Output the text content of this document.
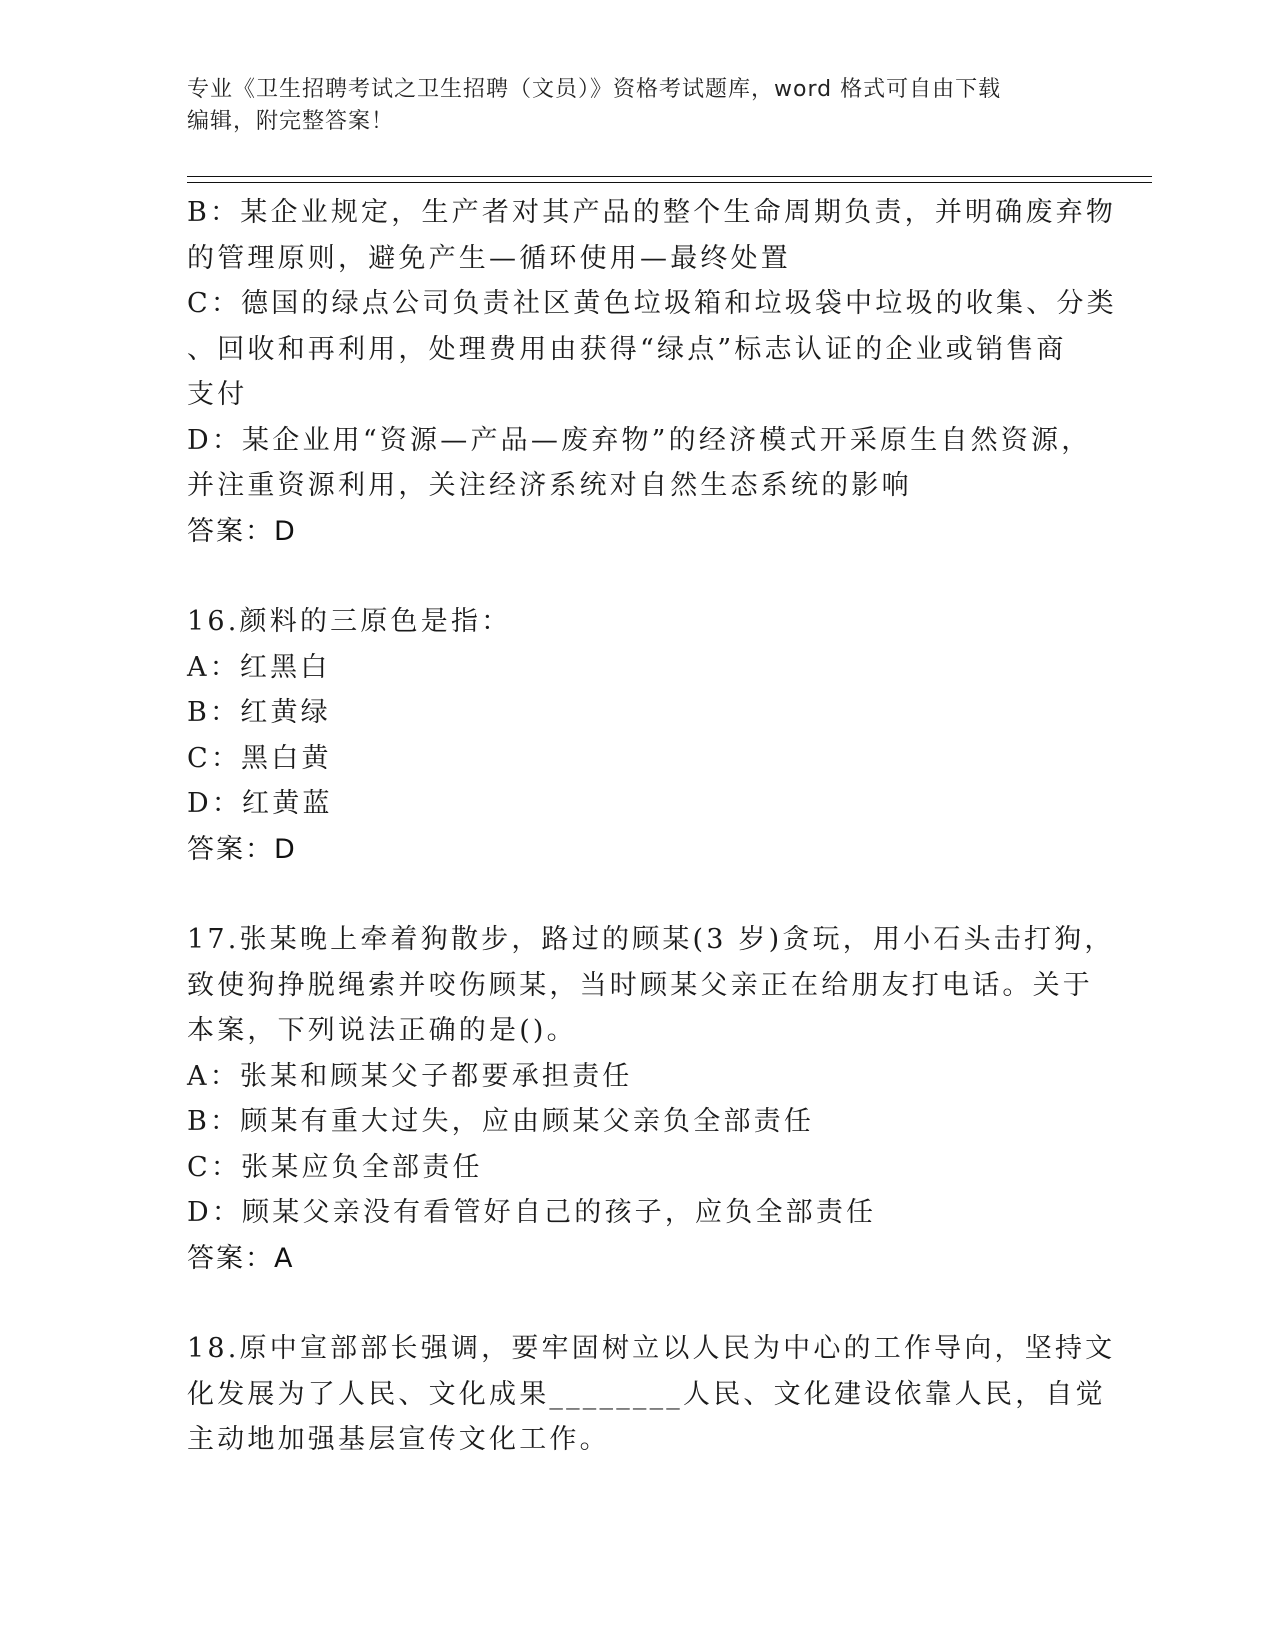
专业《卫生招聘考试之卫生招聘（文员）》资格考试题库，word 格式可自由下载
编辑，附完整答案！
B：某企业规定，生产者对其产品的整个生命周期负责，并明确废弃物
的管理原则，避免产生—循环使用—最终处置
C：德国的绿点公司负责社区黄色垃圾箱和垃圾袋中垃圾的收集、分类
、回收和再利用，处理费用由获得“绿点”标志认证的企业或销售商
支付
D：某企业用“资源—产品—废弃物”的经济模式开采原生自然资源，
并注重资源利用，关注经济系统对自然生态系统的影响
答案：D
16.颜料的三原色是指：
A：红黑白
B：红黄绿
C：黑白黄
D：红黄蓝
答案：D
17.张某晚上牵着狗散步，路过的顾某(3 岁)贪玩，用小石头击打狗，
致使狗挣脱绳索并咬伤顾某，当时顾某父亲正在给朋友打电话。关于
本案，下列说法正确的是()。
A：张某和顾某父子都要承担责任
B：顾某有重大过失，应由顾某父亲负全部责任
C：张某应负全部责任
D：顾某父亲没有看管好自己的孩子，应负全部责任
答案：A
18.原中宣部部长强调，要牢固树立以人民为中心的工作导向，坚持文
化发展为了人民、文化成果________人民、文化建设依靠人民，自觉
主动地加强基层宣传文化工作。
